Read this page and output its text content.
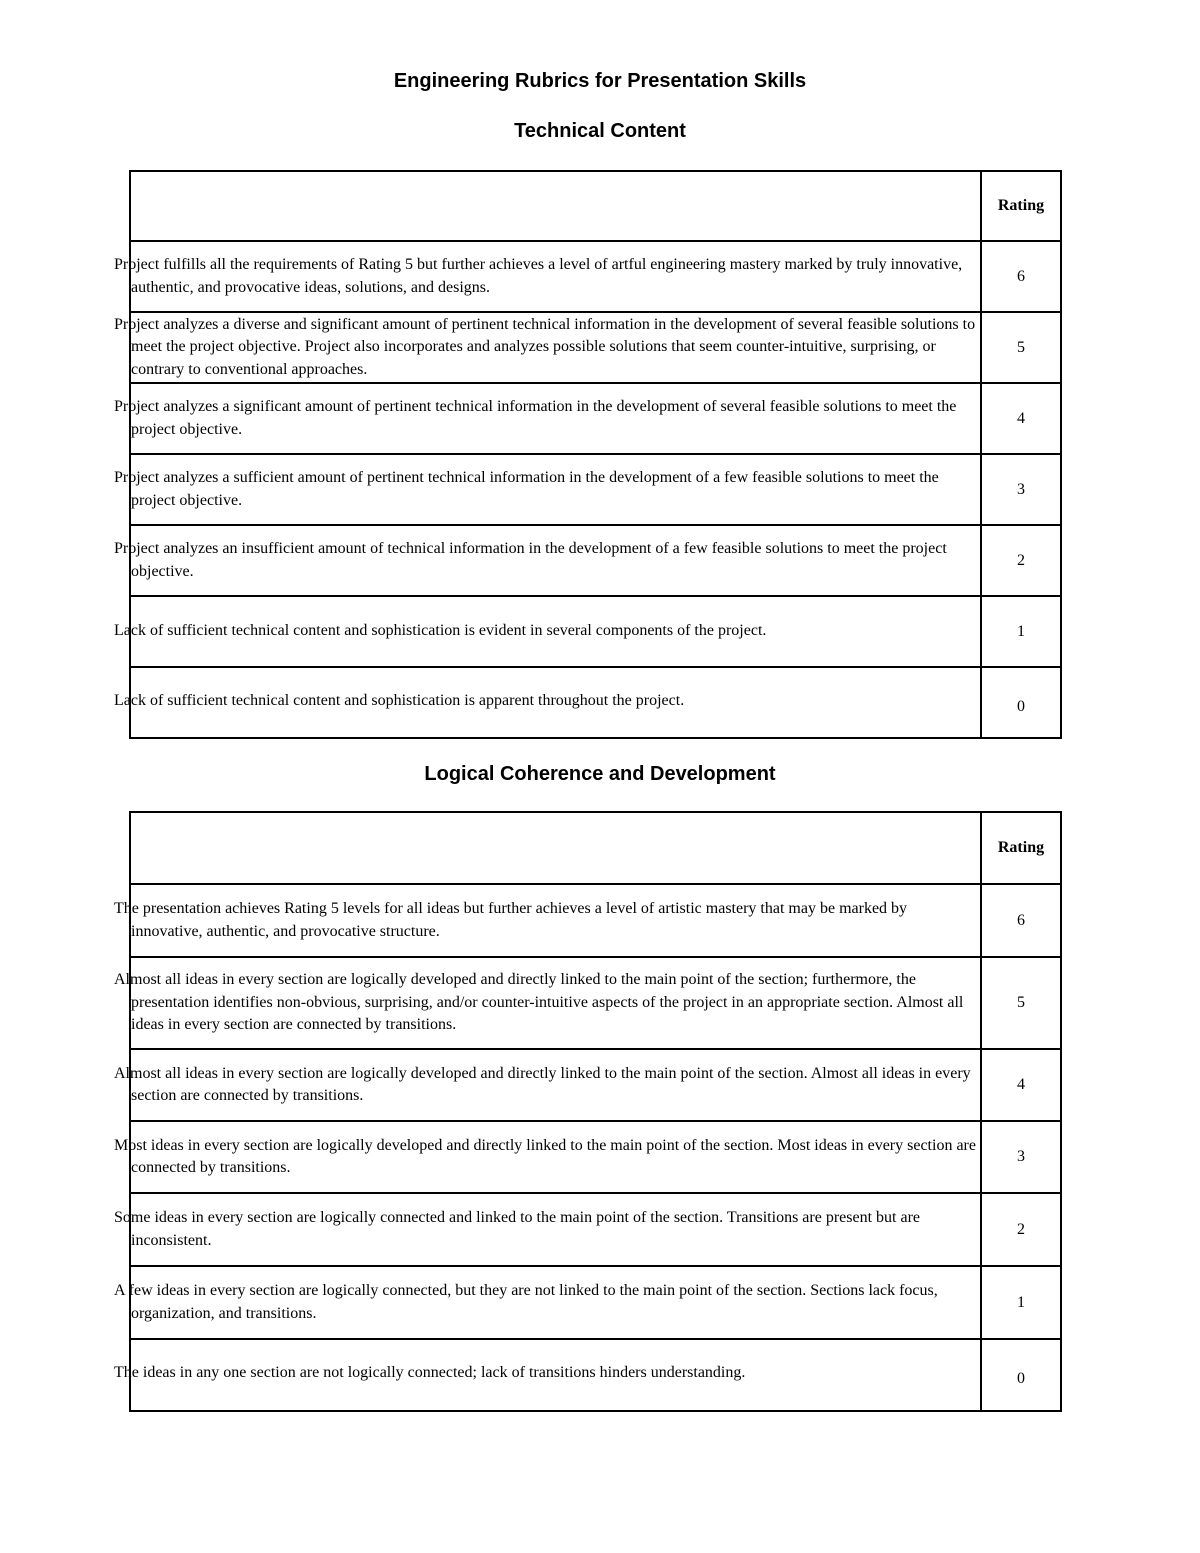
Engineering Rubrics for Presentation Skills
Technical Content
	Rating
Project fulfills all the requirements of Rating 5 but further achieves a level of artful engineering mastery marked by truly innovative, authentic, and provocative ideas, solutions, and designs.	6
Project analyzes a diverse and significant amount of pertinent technical information in the development of several feasible solutions to meet the project objective. Project also incorporates and analyzes possible solutions that seem counter-intuitive, surprising, or contrary to conventional approaches.	5
Project analyzes a significant amount of pertinent technical information in the development of several feasible solutions to meet the project objective.	4
Project analyzes a sufficient amount of pertinent technical information in the development of a few feasible solutions to meet the project objective.	3
Project analyzes an insufficient amount of technical information in the development of a few feasible solutions to meet the project objective.	2
Lack of sufficient technical content and sophistication is evident in several components of the project.	1
Lack of sufficient technical content and sophistication is apparent throughout the project.	0
Logical Coherence and Development
	Rating
The presentation achieves Rating 5 levels for all ideas but further achieves a level of artistic mastery that may be marked by innovative, authentic, and provocative structure.	6
Almost all ideas in every section are logically developed and directly linked to the main point of the section; furthermore, the presentation identifies non-obvious, surprising, and/or counter-intuitive aspects of the project in an appropriate section. Almost all ideas in every section are connected by transitions.	5
Almost all ideas in every section are logically developed and directly linked to the main point of the section. Almost all ideas in every section are connected by transitions.	4
Most ideas in every section are logically developed and directly linked to the main point of the section. Most ideas in every section are connected by transitions.	3
Some ideas in every section are logically connected and linked to the main point of the section. Transitions are present but are inconsistent.	2
A few ideas in every section are logically connected, but they are not linked to the main point of the section. Sections lack focus, organization, and transitions.	1
The ideas in any one section are not logically connected; lack of transitions hinders understanding.	0
